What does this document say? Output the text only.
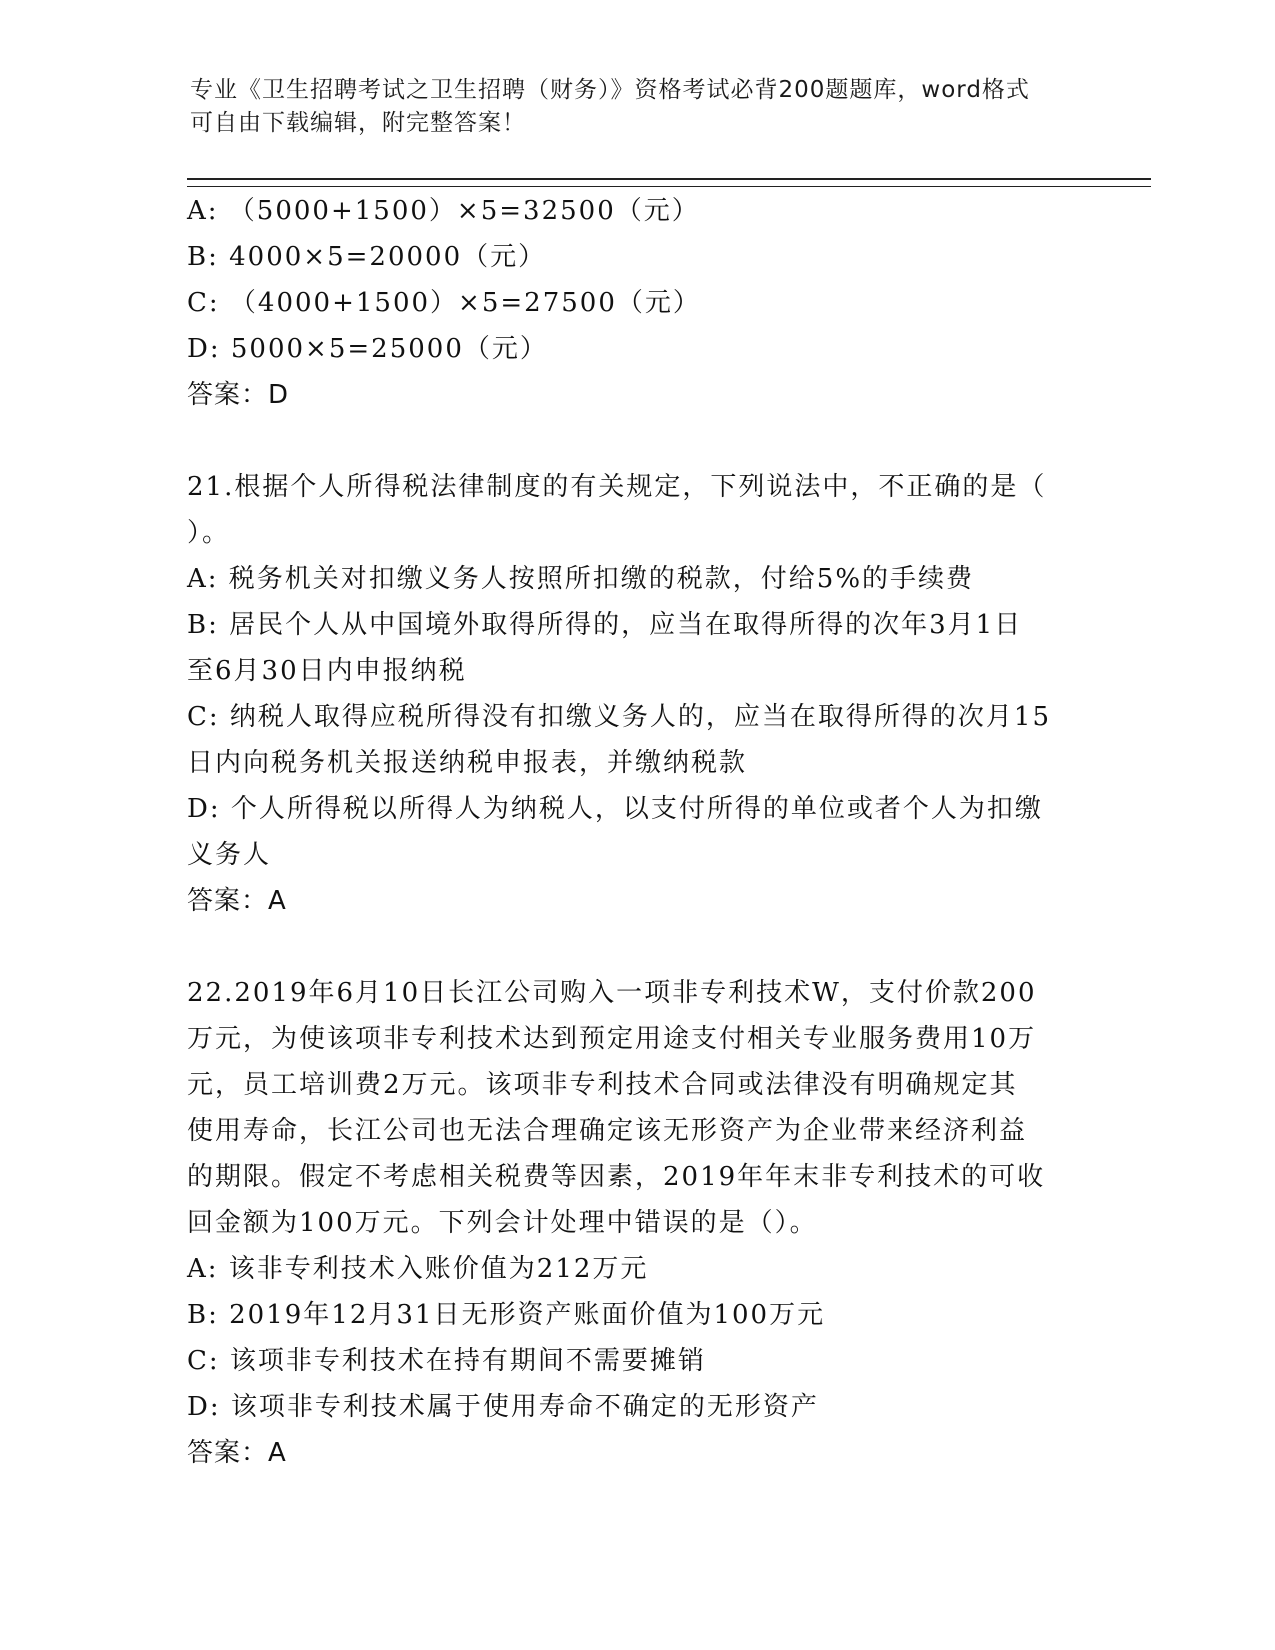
专业《卫生招聘考试之卫生招聘（财务）》资格考试必背200题题库，word格式
可自由下载编辑，附完整答案！
A: （5000+1500）×5=32500（元）
B: 4000×5=20000（元）
C: （4000+1500）×5=27500（元）
D: 5000×5=25000（元）
答案：D
21.根据个人所得税法律制度的有关规定，下列说法中，不正确的是（
）。
A: 税务机关对扣缴义务人按照所扣缴的税款，付给5%的手续费
B: 居民个人从中国境外取得所得的，应当在取得所得的次年3月1日
至6月30日内申报纳税
C: 纳税人取得应税所得没有扣缴义务人的，应当在取得所得的次月15
日内向税务机关报送纳税申报表，并缴纳税款
D: 个人所得税以所得人为纳税人，以支付所得的单位或者个人为扣缴
义务人
答案：A
22.2019年6月10日长江公司购入一项非专利技术W，支付价款200
万元，为使该项非专利技术达到预定用途支付相关专业服务费用10万
元，员工培训费2万元。该项非专利技术合同或法律没有明确规定其
使用寿命，长江公司也无法合理确定该无形资产为企业带来经济利益
的期限。假定不考虑相关税费等因素，2019年年末非专利技术的可收
回金额为100万元。下列会计处理中错误的是（）。
A: 该非专利技术入账价值为212万元
B: 2019年12月31日无形资产账面价值为100万元
C: 该项非专利技术在持有期间不需要摊销
D: 该项非专利技术属于使用寿命不确定的无形资产
答案：A
